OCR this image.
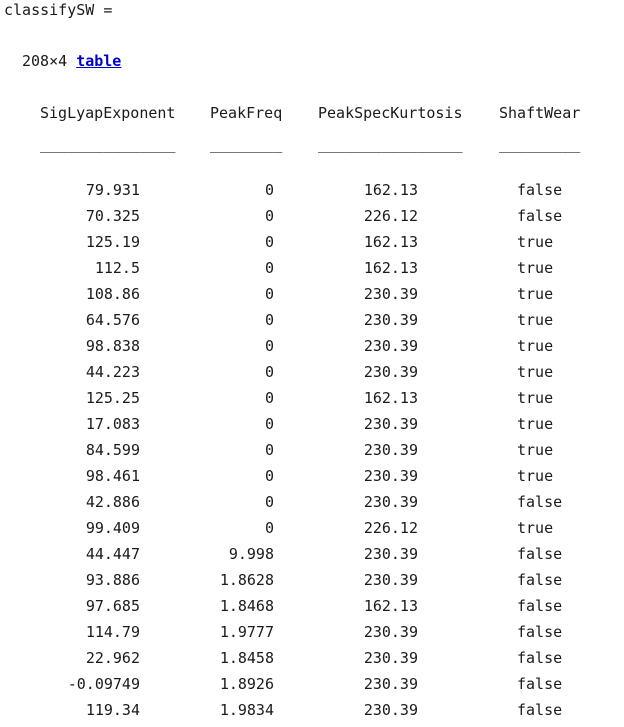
classifySW =
208×4 table
SigLyapExponent PeakFreq PeakSpecKurtosis ShaftWear
_______________ ________ ________________ _________
79.931	0	162.13	false
70.325	0	226.12	false
125.19	0	162.13	true
112.5	0	162.13	true
108.86	0	230.39	true
64.576	0	230.39	true
98.838	0	230.39	true
44.223	0	230.39	true
125.25	0	162.13	true
17.083	0	230.39	true
84.599	0	230.39	true
98.461	0	230.39	true
42.886	0	230.39	false
99.409	0	226.12	true
44.447	9.998	230.39	false
93.886	1.8628	230.39	false
97.685	1.8468	162.13	false
114.79	1.9777	230.39	false
22.962	1.8458	230.39	false
-0.09749	1.8926	230.39	false
119.34	1.9834	230.39	false
